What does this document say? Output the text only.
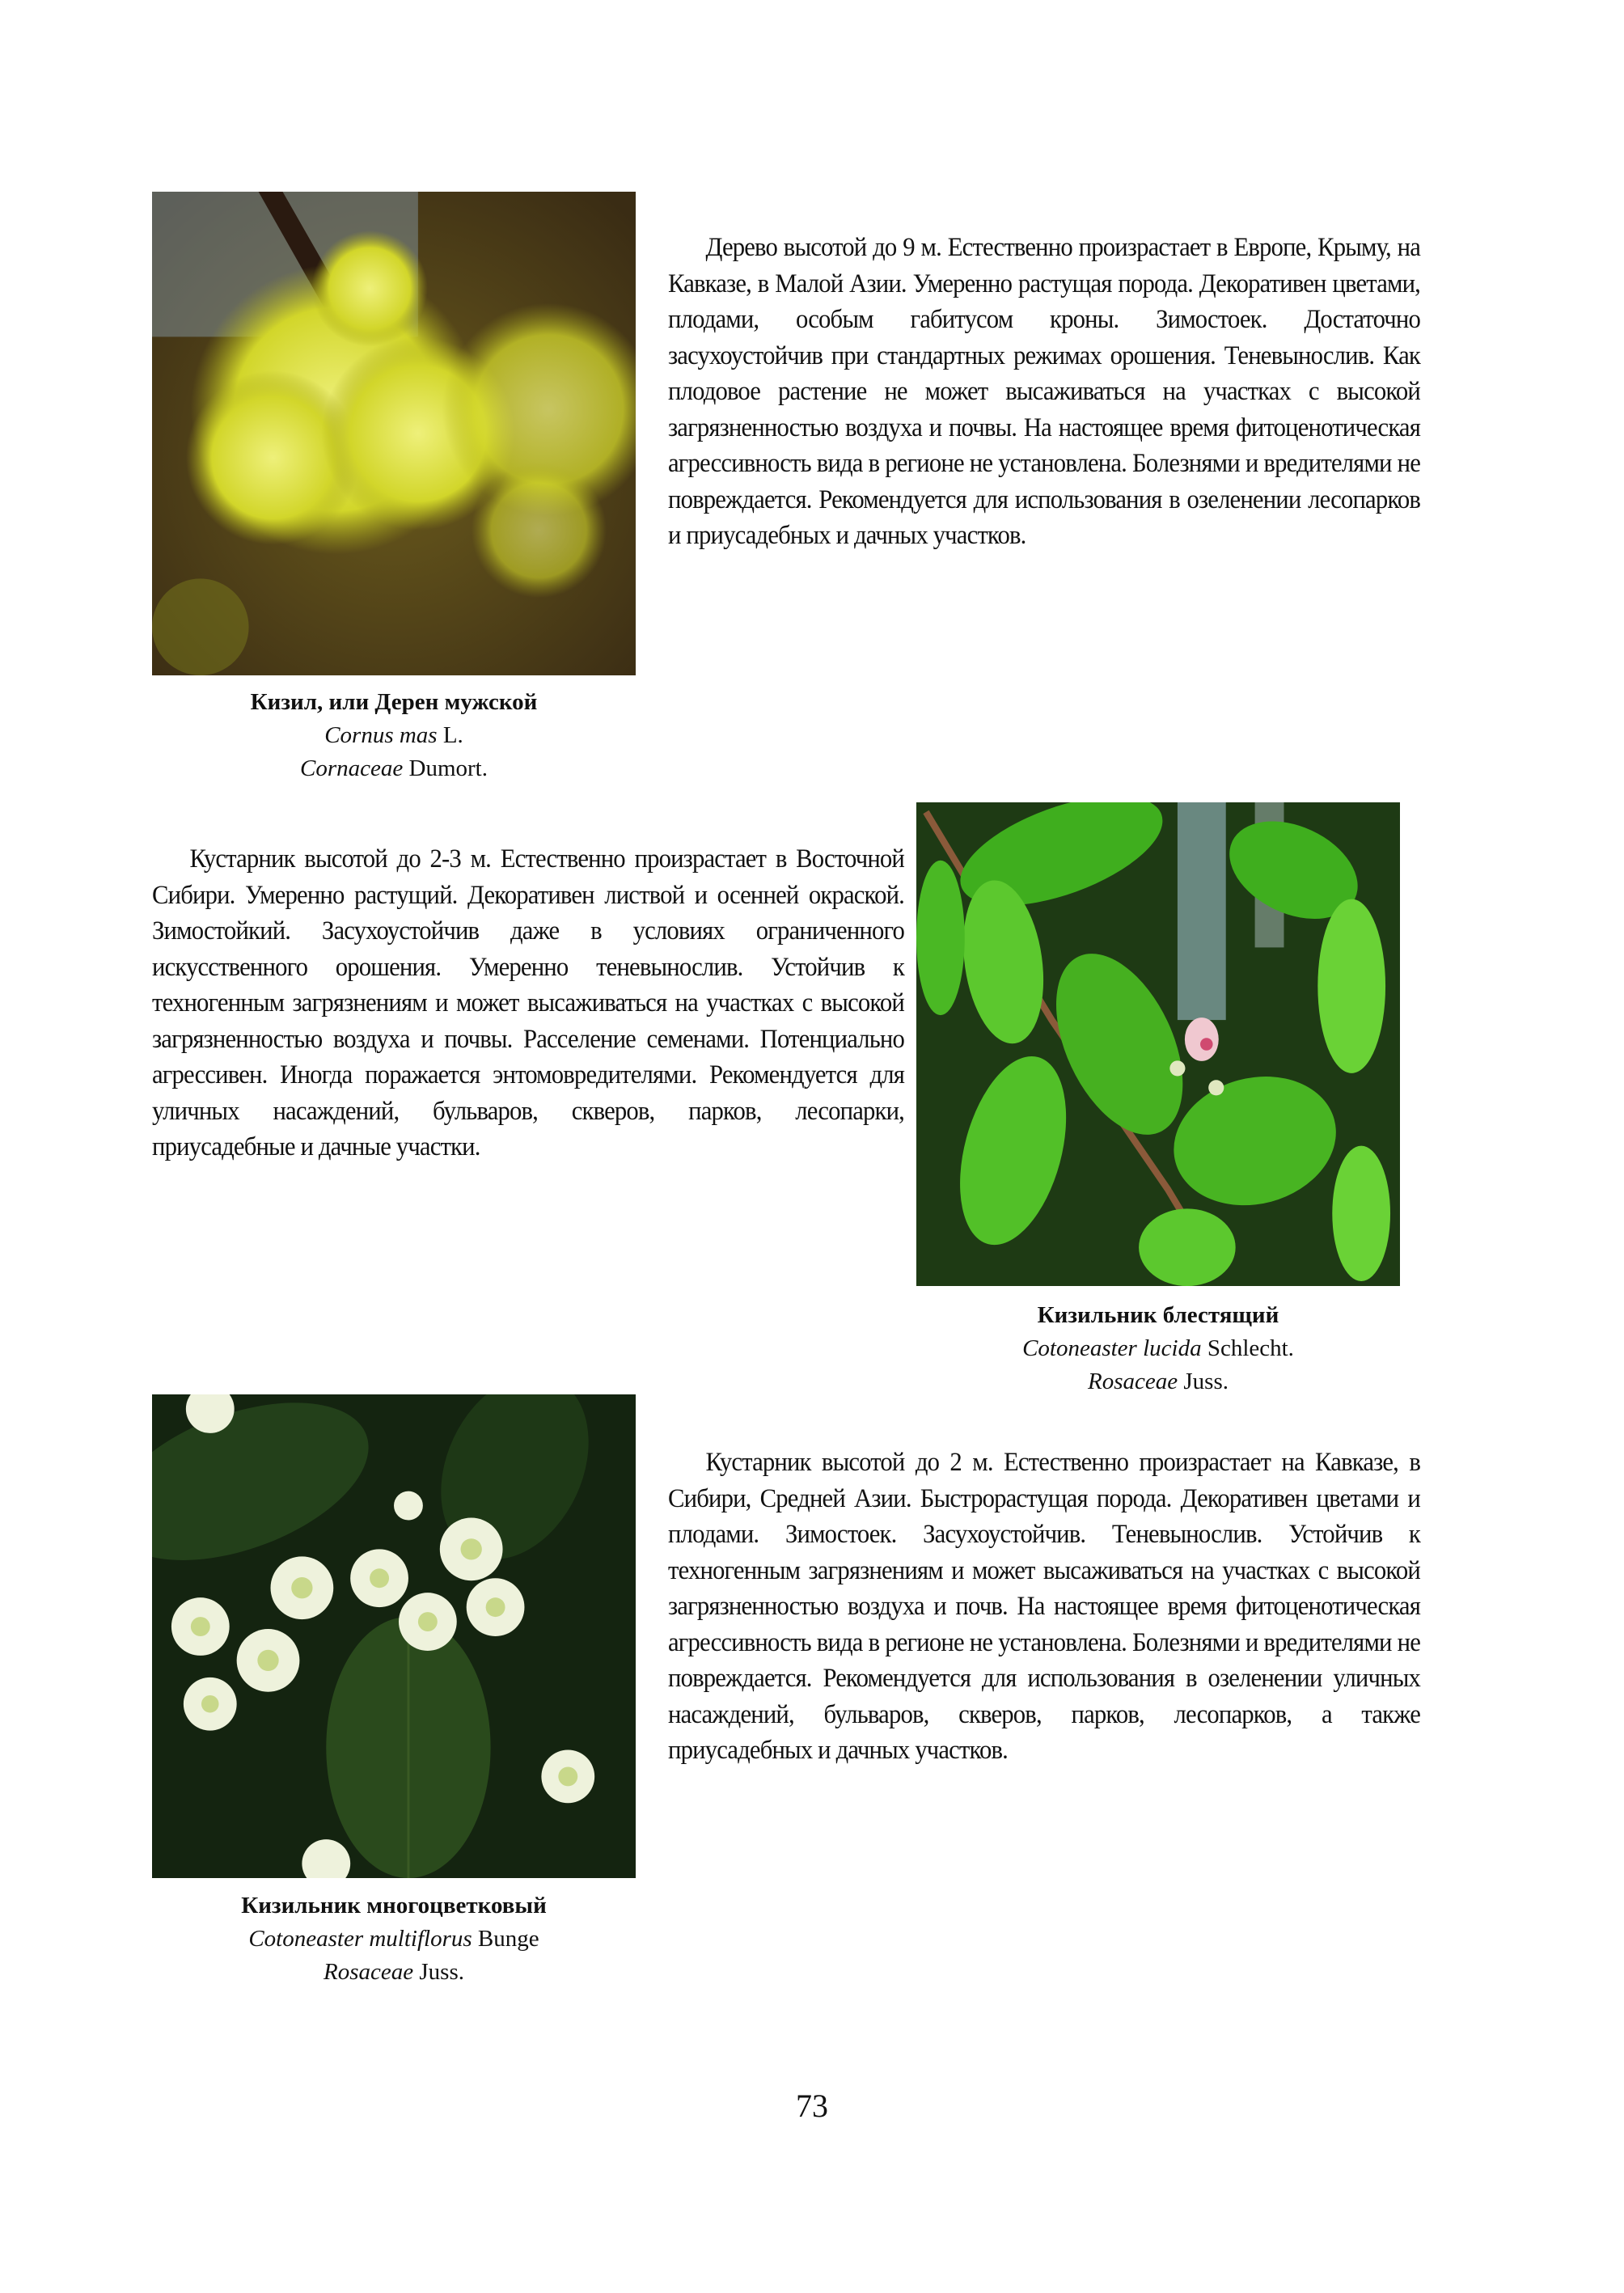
Кизил, или Дерен мужской
Cornus mas L.
Cornaceae Dumort.

Дерево высотой до 9 м. Естественно произрастает в Европе, Крыму, на Кавказе, в Малой Азии. Умеренно растущая порода. Декоративен цветами, плодами, особым габитусом кроны. Зимостоек. Достаточно засухоустойчив при стандартных режимах орошения. Теневынослив. Как плодовое растение не может высаживаться на участках с высокой загрязненностью воздуха и почвы. На настоящее время фитоценотическая агрессивность вида в регионе не установлена. Болезнями и вредителями не повреждается. Рекомендуется для использования в озеленении лесопарков и приусадебных и дачных участков.

Кустарник высотой до 2-3 м. Естественно произрастает в Восточной Сибири. Умеренно растущий. Декоративен листвой и осенней окраской. Зимостойкий. Засухоустойчив даже в условиях ограниченного искусственного орошения. Умеренно теневынослив. Устойчив к техногенным загрязнениям и может высаживаться на участках с высокой загрязненностью воздуха и почвы. Расселение семенами. Потенциально агрессивен. Иногда поражается энтомовредителями. Рекомендуется для уличных насаждений, бульваров, скверов, парков, лесопарки, приусадебные и дачные участки.

Кизильник блестящий
Cotoneaster lucida Schlecht.
Rosaceae Juss.
Кизильник многоцветковый
Cotoneaster multiflorus Bunge
Rosaceae Juss.

Кустарник высотой до 2 м. Естественно произрастает на Кавказе, в Сибири, Средней Азии. Быстрорастущая порода. Декоративен цветами и плодами. Зимостоек. Засухоустойчив. Теневынослив. Устойчив к техногенным загрязнениям и может высаживаться на участках с высокой загрязненностью воздуха и почв. На настоящее время фитоценотическая агрессивность вида в регионе не установлена. Болезнями и вредителями не повреждается. Рекомендуется для использования в озеленении уличных насаждений, бульваров, скверов, парков, лесопарков, а также приусадебных и дачных участков.

73
